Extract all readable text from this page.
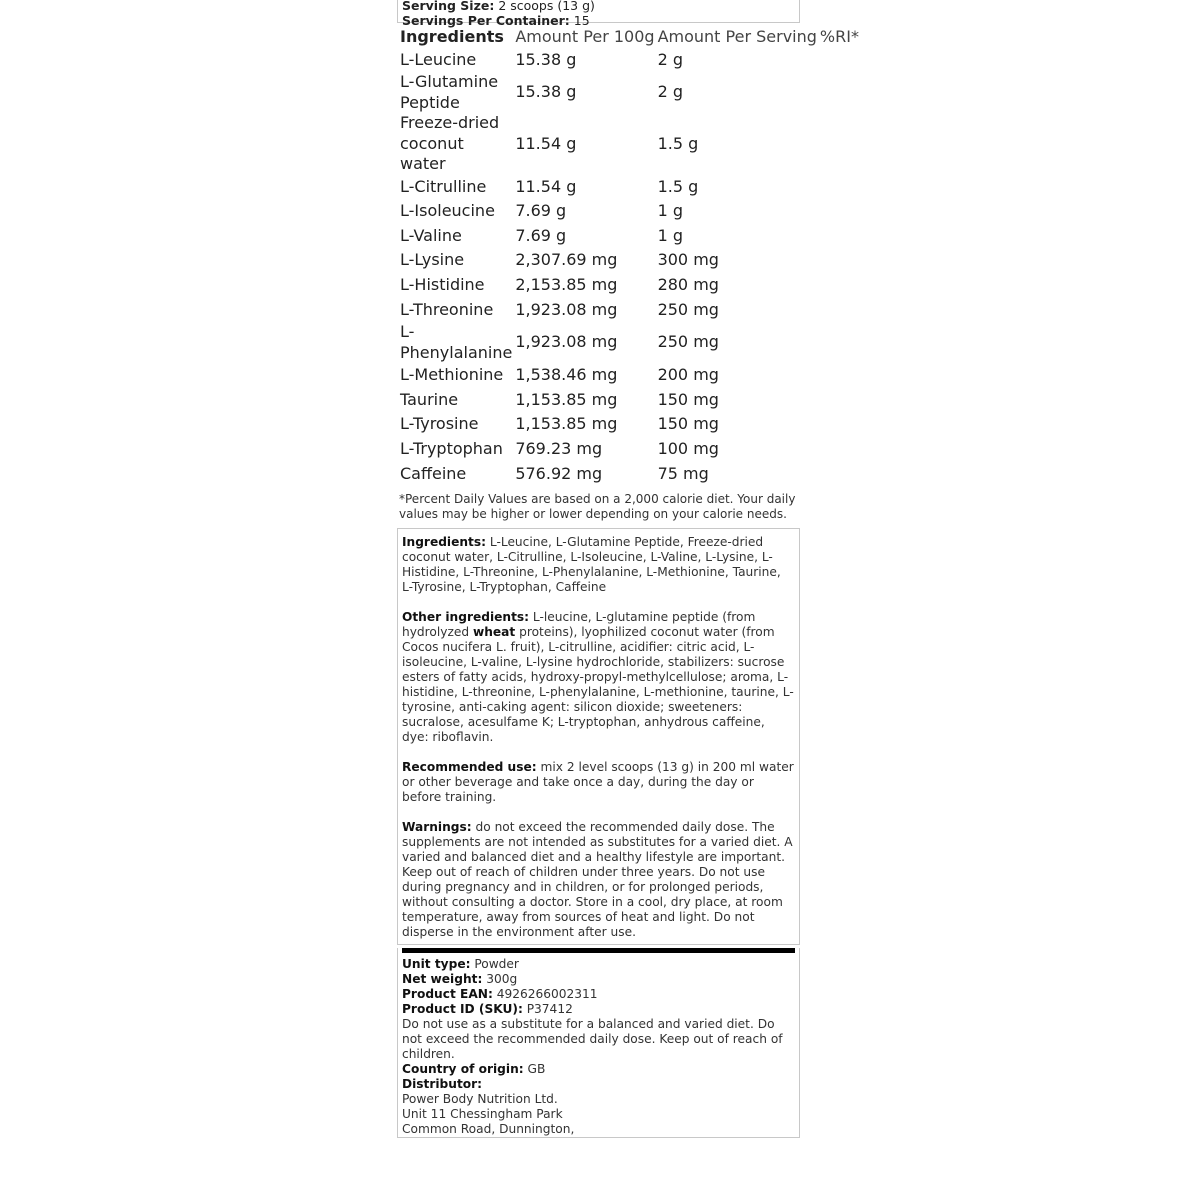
Serving Size: 2 scoops (13 g)
Servings Per Container: 15
Ingredients	Amount Per 100g	Amount Per Serving	%RI*
L-Leucine	15.38 g	2 g	
L-Glutamine Peptide	15.38 g	2 g	
Freeze-dried coconut water	11.54 g	1.5 g	
L-Citrulline	11.54 g	1.5 g	
L-Isoleucine	7.69 g	1 g	
L-Valine	7.69 g	1 g	
L-Lysine	2,307.69 mg	300 mg	
L-Histidine	2,153.85 mg	280 mg	
L-Threonine	1,923.08 mg	250 mg	
L-Phenylalanine	1,923.08 mg	250 mg	
L-Methionine	1,538.46 mg	200 mg	
Taurine	1,153.85 mg	150 mg	
L-Tyrosine	1,153.85 mg	150 mg	
L-Tryptophan	769.23 mg	100 mg	
Caffeine	576.92 mg	75 mg	
*Percent Daily Values are based on a 2,000 calorie diet. Your daily values may be higher or lower depending on your calorie needs.

Ingredients: L-Leucine, L-Glutamine Peptide, Freeze-dried coconut water, L-Citrulline, L-Isoleucine, L-Valine, L-Lysine, L-Histidine, L-Threonine, L-Phenylalanine, L-Methionine, Taurine, L-Tyrosine, L-Tryptophan, Caffeine

Other ingredients: L-leucine, L-glutamine peptide (from hydrolyzed wheat proteins), lyophilized coconut water (from Cocos nucifera L. fruit), L-citrulline, acidifier: citric acid, L-isoleucine, L-valine, L-lysine hydrochloride, stabilizers: sucrose esters of fatty acids, hydroxy-propyl-methylcellulose; aroma, L-histidine, L-threonine, L-phenylalanine, L-methionine, taurine, L-tyrosine, anti-caking agent: silicon dioxide; sweeteners: sucralose, acesulfame K; L-tryptophan, anhydrous caffeine, dye: riboflavin.

Recommended use: mix 2 level scoops (13 g) in 200 ml water or other beverage and take once a day, during the day or before training.

Warnings: do not exceed the recommended daily dose. The supplements are not intended as substitutes for a varied diet. A varied and balanced diet and a healthy lifestyle are important. Keep out of reach of children under three years. Do not use during pregnancy and in children, or for prolonged periods, without consulting a doctor. Store in a cool, dry place, at room temperature, away from sources of heat and light. Do not disperse in the environment after use.

Unit type: Powder
Net weight: 300g
Product EAN: 4926266002311
Product ID (SKU): P37412
Do not use as a substitute for a balanced and varied diet. Do not exceed the recommended daily dose. Keep out of reach of children.
Country of origin: GB
Distributor:
Power Body Nutrition Ltd.
Unit 11 Chessingham Park
Common Road, Dunnington,
